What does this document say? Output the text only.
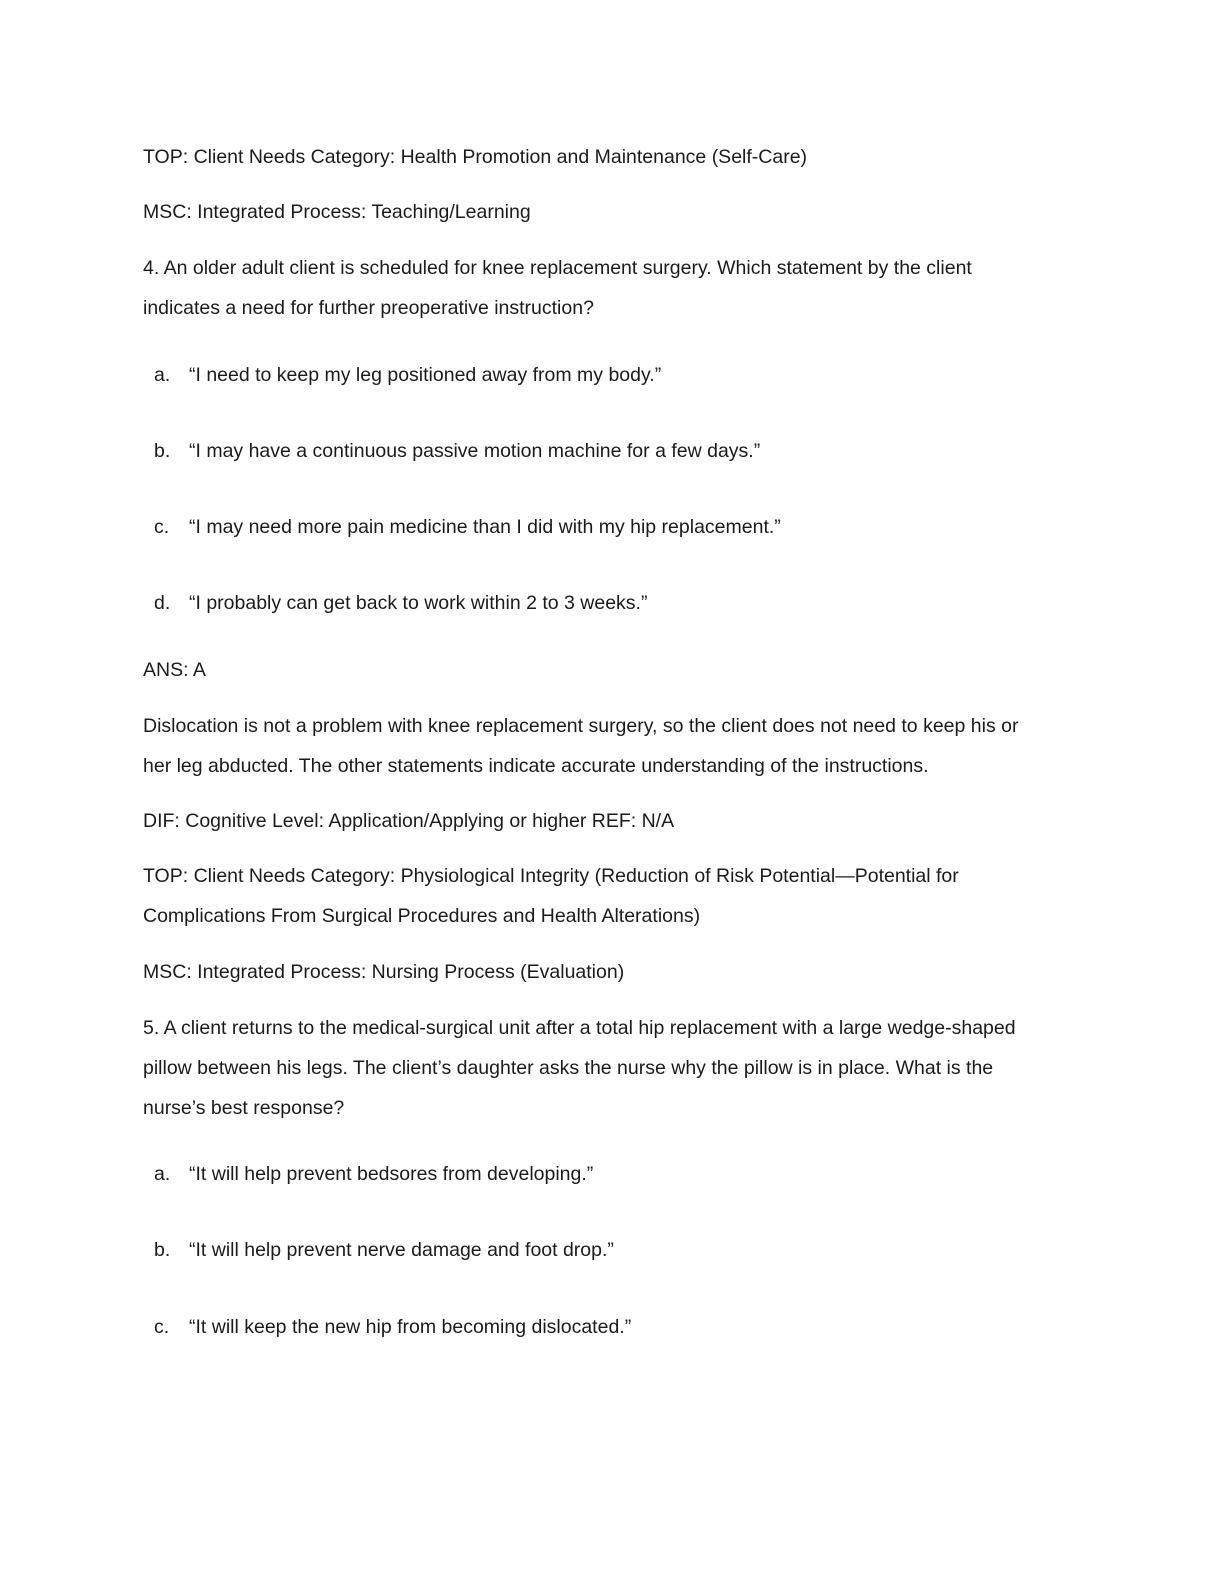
TOP: Client Needs Category: Health Promotion and Maintenance (Self-Care)
MSC: Integrated Process: Teaching/Learning
4. An older adult client is scheduled for knee replacement surgery. Which statement by the client
indicates a need for further preoperative instruction?
a. “I need to keep my leg positioned away from my body.”
b. “I may have a continuous passive motion machine for a few days.”
c. “I may need more pain medicine than I did with my hip replacement.”
d. “I probably can get back to work within 2 to 3 weeks.”
ANS: A
Dislocation is not a problem with knee replacement surgery, so the client does not need to keep his or
her leg abducted. The other statements indicate accurate understanding of the instructions.
DIF: Cognitive Level: Application/Applying or higher REF: N/A
TOP: Client Needs Category: Physiological Integrity (Reduction of Risk Potential—Potential for
Complications From Surgical Procedures and Health Alterations)
MSC: Integrated Process: Nursing Process (Evaluation)
5. A client returns to the medical-surgical unit after a total hip replacement with a large wedge-shaped
pillow between his legs. The client’s daughter asks the nurse why the pillow is in place. What is the
nurse’s best response?
a. “It will help prevent bedsores from developing.”
b. “It will help prevent nerve damage and foot drop.”
c. “It will keep the new hip from becoming dislocated.”
